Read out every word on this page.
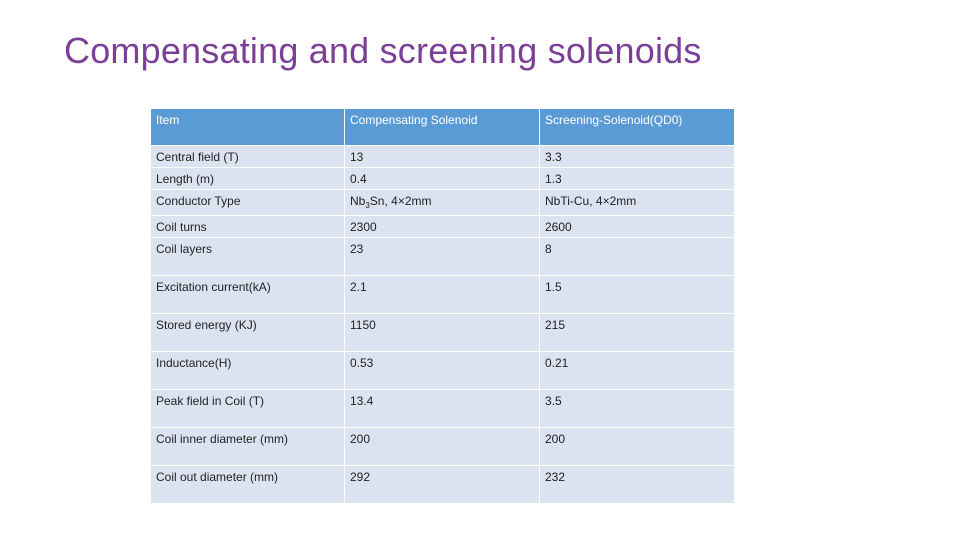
Compensating and screening solenoids
Item	Compensating Solenoid	Screening-Solenoid(QD0)
Central field (T)	13	3.3
Length (m)	0.4	1.3
Conductor Type	$Nb_3Sn$, 4×2mm	NbTi-Cu, 4×2mm
Coil turns	2300	2600
Coil layers	23	8
Excitation current(kA)	2.1	1.5
Stored energy (KJ)	1150	215
Inductance(H)	0.53	0.21
Peak field in Coil (T)	13.4	3.5
Coil inner diameter (mm)	200	200
Coil out diameter (mm)	292	232
